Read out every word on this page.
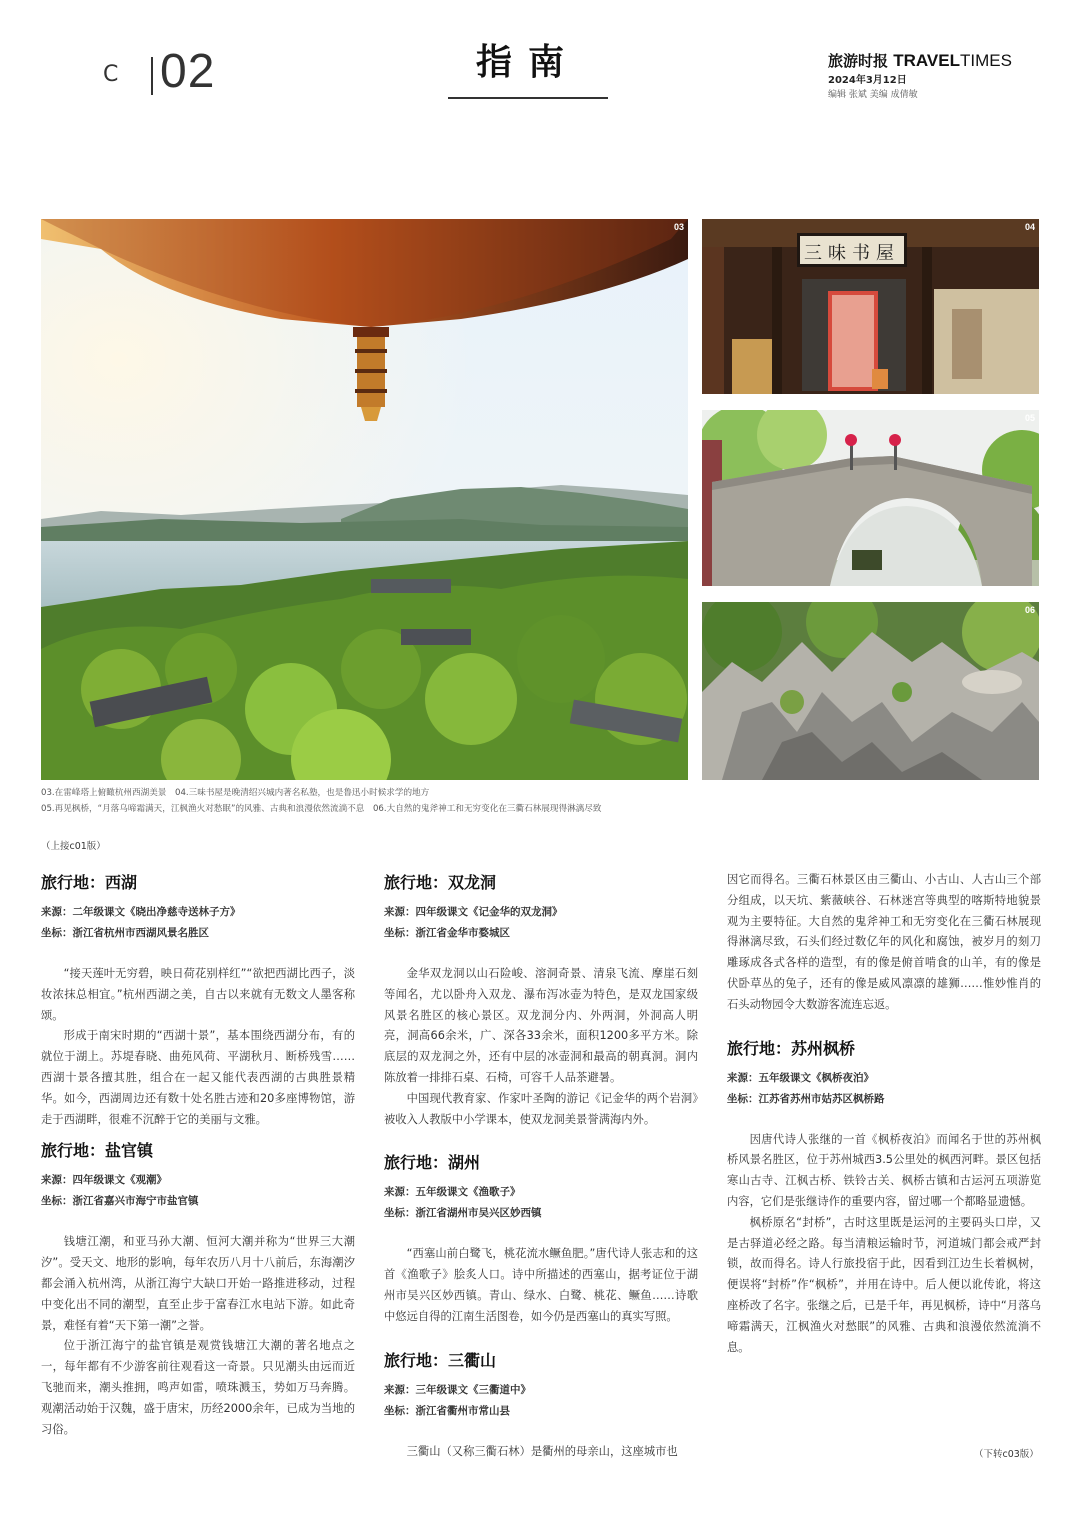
C 02	指南	旅游时报 TRAVELTIMES
2024年3月12日
编辑 张斌 美编 成倩敏
03
三味书屋
04
05
06
03.在雷峰塔上俯瞰杭州西湖美景　04.三味书屋是晚清绍兴城内著名私塾，也是鲁迅小时候求学的地方
05.再见枫桥，“月落乌啼霜满天，江枫渔火对愁眠”的风雅、古典和浪漫依然流淌不息　06.大自然的鬼斧神工和无穷变化在三衢石林展现得淋漓尽致
（上接c01版）
（下转c03版）
旅行地：西湖
来源：二年级课文《晓出净慈寺送林子方》
坐标：浙江省杭州市西湖风景名胜区

“接天莲叶无穷碧，映日荷花别样红”“欲把西湖比西子，淡妆浓抹总相宜。”杭州西湖之美，自古以来就有无数文人墨客称颂。

形成于南宋时期的“西湖十景”，基本围绕西湖分布，有的就位于湖上。苏堤春晓、曲苑风荷、平湖秋月、断桥残雪……西湖十景各擅其胜，组合在一起又能代表西湖的古典胜景精华。如今，西湖周边还有数十处名胜古迹和20多座博物馆，游走于西湖畔，很难不沉醉于它的美丽与文雅。

旅行地：盐官镇
来源：四年级课文《观潮》
坐标：浙江省嘉兴市海宁市盐官镇

钱塘江潮，和亚马孙大潮、恒河大潮并称为“世界三大潮汐”。受天文、地形的影响，每年农历八月十八前后，东海潮汐都会涌入杭州湾，从浙江海宁大缺口开始一路推进移动，过程中变化出不同的潮型，直至止步于富春江水电站下游。如此奇景，难怪有着“天下第一潮”之誉。

位于浙江海宁的盐官镇是观赏钱塘江大潮的著名地点之一，每年都有不少游客前往观看这一奇景。只见潮头由远而近飞驰而来，潮头推拥，鸣声如雷，喷珠溅玉，势如万马奔腾。观潮活动始于汉魏，盛于唐宋，历经2000余年，已成为当地的习俗。

旅行地：双龙洞
来源：四年级课文《记金华的双龙洞》
坐标：浙江省金华市婺城区

金华双龙洞以山石险峻、溶洞奇景、清泉飞流、摩崖石刻等闻名，尤以卧舟入双龙、瀑布泻冰壶为特色，是双龙国家级风景名胜区的核心景区。双龙洞分内、外两洞，外洞高人明亮，洞高66余米，广、深各33余米，面积1200多平方米。除底层的双龙洞之外，还有中层的冰壶洞和最高的朝真洞。洞内陈放着一排排石桌、石椅，可容千人品茶避暑。

中国现代教育家、作家叶圣陶的游记《记金华的两个岩洞》被收入人教版中小学课本，使双龙洞美景誉满海内外。

旅行地：湖州
来源：五年级课文《渔歌子》
坐标：浙江省湖州市吴兴区妙西镇

“西塞山前白鹭飞，桃花流水鳜鱼肥。”唐代诗人张志和的这首《渔歌子》脍炙人口。诗中所描述的西塞山，据考证位于湖州市吴兴区妙西镇。青山、绿水、白鹭、桃花、鳜鱼……诗歌中悠远自得的江南生活图卷，如今仍是西塞山的真实写照。

旅行地：三衢山
来源：三年级课文《三衢道中》
坐标：浙江省衢州市常山县

三衢山（又称三衢石林）是衢州的母亲山，这座城市也

因它而得名。三衢石林景区由三衢山、小古山、人古山三个部分组成，以天坑、紫薇峡谷、石林迷宫等典型的喀斯特地貌景观为主要特征。大自然的鬼斧神工和无穷变化在三衢石林展现得淋漓尽致，石头们经过数亿年的风化和腐蚀，被岁月的刻刀雕琢成各式各样的造型，有的像是俯首啃食的山羊，有的像是伏卧草丛的兔子，还有的像是威风凛凛的雄狮……惟妙惟肖的石头动物园令大数游客流连忘返。

旅行地：苏州枫桥
来源：五年级课文《枫桥夜泊》
坐标：江苏省苏州市姑苏区枫桥路

因唐代诗人张继的一首《枫桥夜泊》而闻名于世的苏州枫桥风景名胜区，位于苏州城西3.5公里处的枫西河畔。景区包括寒山古寺、江枫古桥、铁铃古关、枫桥古镇和古运河五项游览内容，它们是张继诗作的重要内容，留过哪一个都略显遗憾。

枫桥原名“封桥”，古时这里既是运河的主要码头口岸，又是古驿道必经之路。每当清粮运输时节，河道城门都会戒严封锁，故而得名。诗人行旅投宿于此，因看到江边生长着枫树，便误将“封桥”作“枫桥”，并用在诗中。后人便以讹传讹，将这座桥改了名字。张继之后，已是千年，再见枫桥，诗中“月落乌啼霜满天，江枫渔火对愁眠”的风雅、古典和浪漫依然流淌不息。
